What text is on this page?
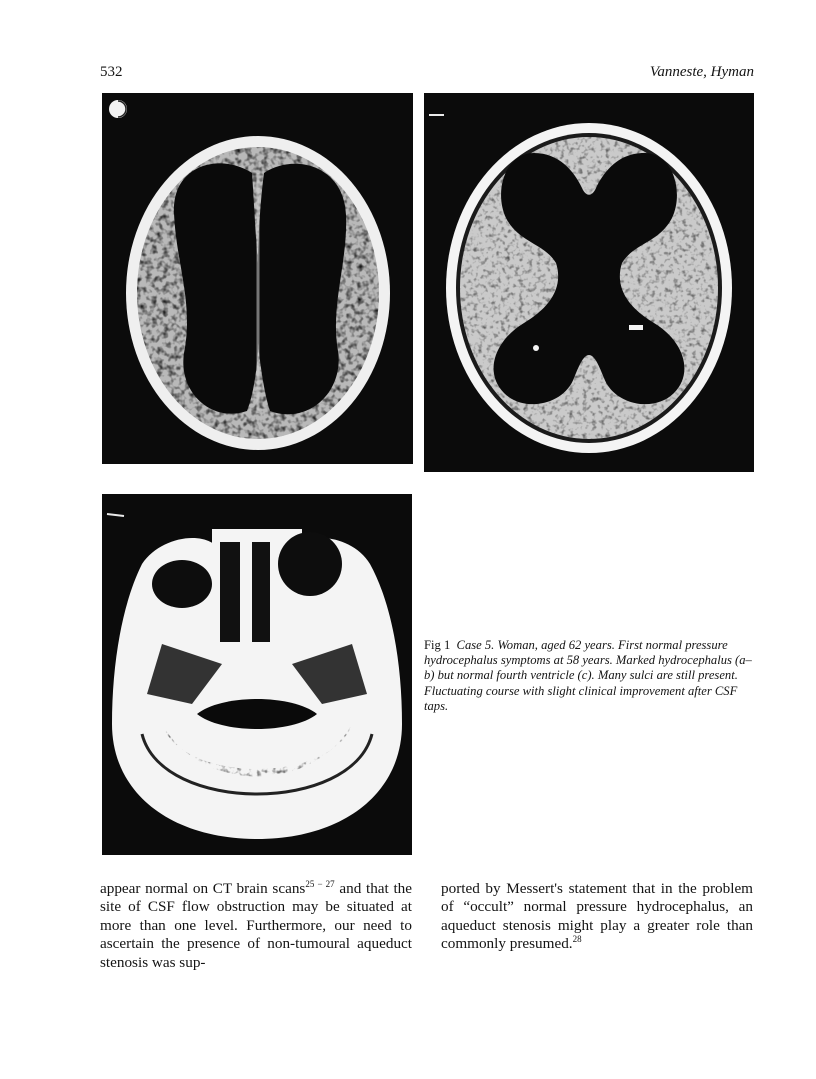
532	Vanneste, Hyman

Fig 1 Case 5. Woman, aged 62 years. First normal pressure hydrocephalus symptoms at 58 years. Marked hydrocephalus (a–b) but normal fourth ventricle (c). Many sulci are still present. Fluctuating course with slight clinical improvement after CSF taps.

appear normal on CT brain scans$^{25 - 27}$ and that the site of CSF flow obstruction may be situated at more than one level. Furthermore, our need to ascertain the presence of non-tumoural aqueduct stenosis was sup-

ported by Messert's statement that in the problem of “occult” normal pressure hydrocephalus, an aqueduct stenosis might play a greater role than commonly presumed.$^{28}$
